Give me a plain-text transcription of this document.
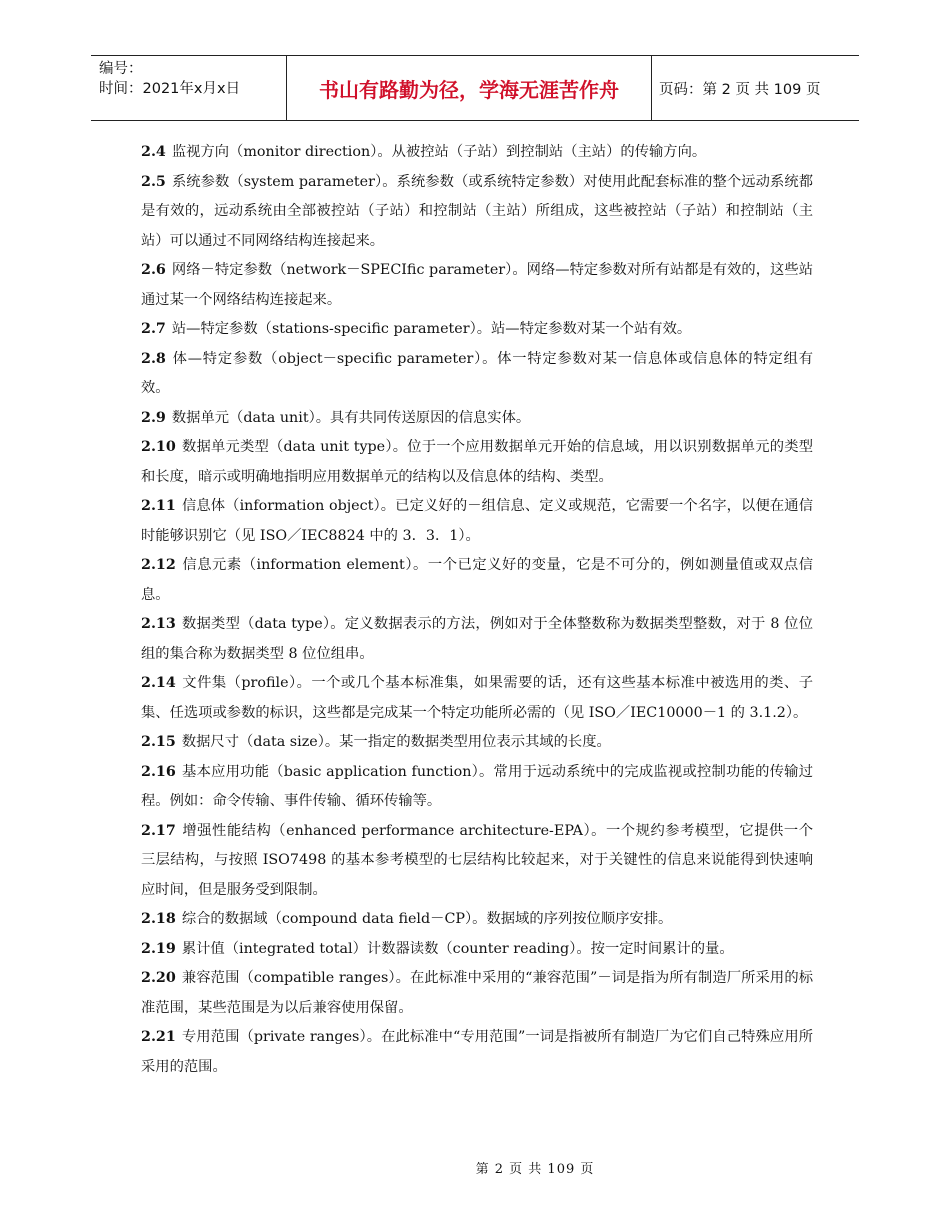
编号：
时间：2021年x月x日	书山有路勤为径，学海无涯苦作舟	页码：第 2 页 共 109 页

2.4 监视方向（monitor direction）。从被控站（子站）到控制站（主站）的传输方向。

2.5 系统参数（system parameter）。系统参数（或系统特定参数）对使用此配套标准的整个远动系统都是有效的，远动系统由全部被控站（子站）和控制站（主站）所组成，这些被控站（子站）和控制站（主站）可以通过不同网络结构连接起来。

2.6 网络－特定参数（network－SPECIfic parameter）。网络—特定参数对所有站都是有效的，这些站通过某一个网络结构连接起来。

2.7 站—特定参数（stations-specific parameter）。站—特定参数对某一个站有效。

2.8 体—特定参数（object－specific parameter）。体一特定参数对某一信息体或信息体的特定组有效。

2.9 数据单元（data unit）。具有共同传送原因的信息实体。

2.10 数据单元类型（data unit type）。位于一个应用数据单元开始的信息域，用以识别数据单元的类型和长度，暗示或明确地指明应用数据单元的结构以及信息体的结构、类型。

2.11 信息体（information object）。已定义好的－组信息、定义或规范，它需要一个名字，以便在通信时能够识别它（见 ISO／IEC8824 中的 3．3．1）。

2.12 信息元素（information element）。一个已定义好的变量，它是不可分的，例如测量值或双点信息。

2.13 数据类型（data type）。定义数据表示的方法，例如对于全体整数称为数据类型整数，对于 8 位位组的集合称为数据类型 8 位位组串。

2.14 文件集（profile）。一个或几个基本标准集，如果需要的话，还有这些基本标准中被选用的类、子集、任选项或参数的标识，这些都是完成某一个特定功能所必需的（见 ISO／IEC10000－1 的 3.1.2）。

2.15 数据尺寸（data size）。某一指定的数据类型用位表示其域的长度。

2.16 基本应用功能（basic application function）。常用于远动系统中的完成监视或控制功能的传输过程。例如：命令传输、事件传输、循环传输等。

2.17 增强性能结构（enhanced performance architecture-EPA）。一个规约参考模型，它提供一个三层结构，与按照 ISO7498 的基本参考模型的七层结构比较起来，对于关键性的信息来说能得到快速响应时间，但是服务受到限制。

2.18 综合的数据域（compound data field－CP）。数据域的序列按位顺序安排。

2.19 累计值（integrated total）计数器读数（counter reading）。按一定时间累计的量。

2.20 兼容范围（compatible ranges）。在此标准中采用的“兼容范围”－词是指为所有制造厂所采用的标准范围，某些范围是为以后兼容使用保留。

2.21 专用范围（private ranges）。在此标准中“专用范围”一词是指被所有制造厂为它们自己特殊应用所采用的范围。

第 2 页 共 109 页
